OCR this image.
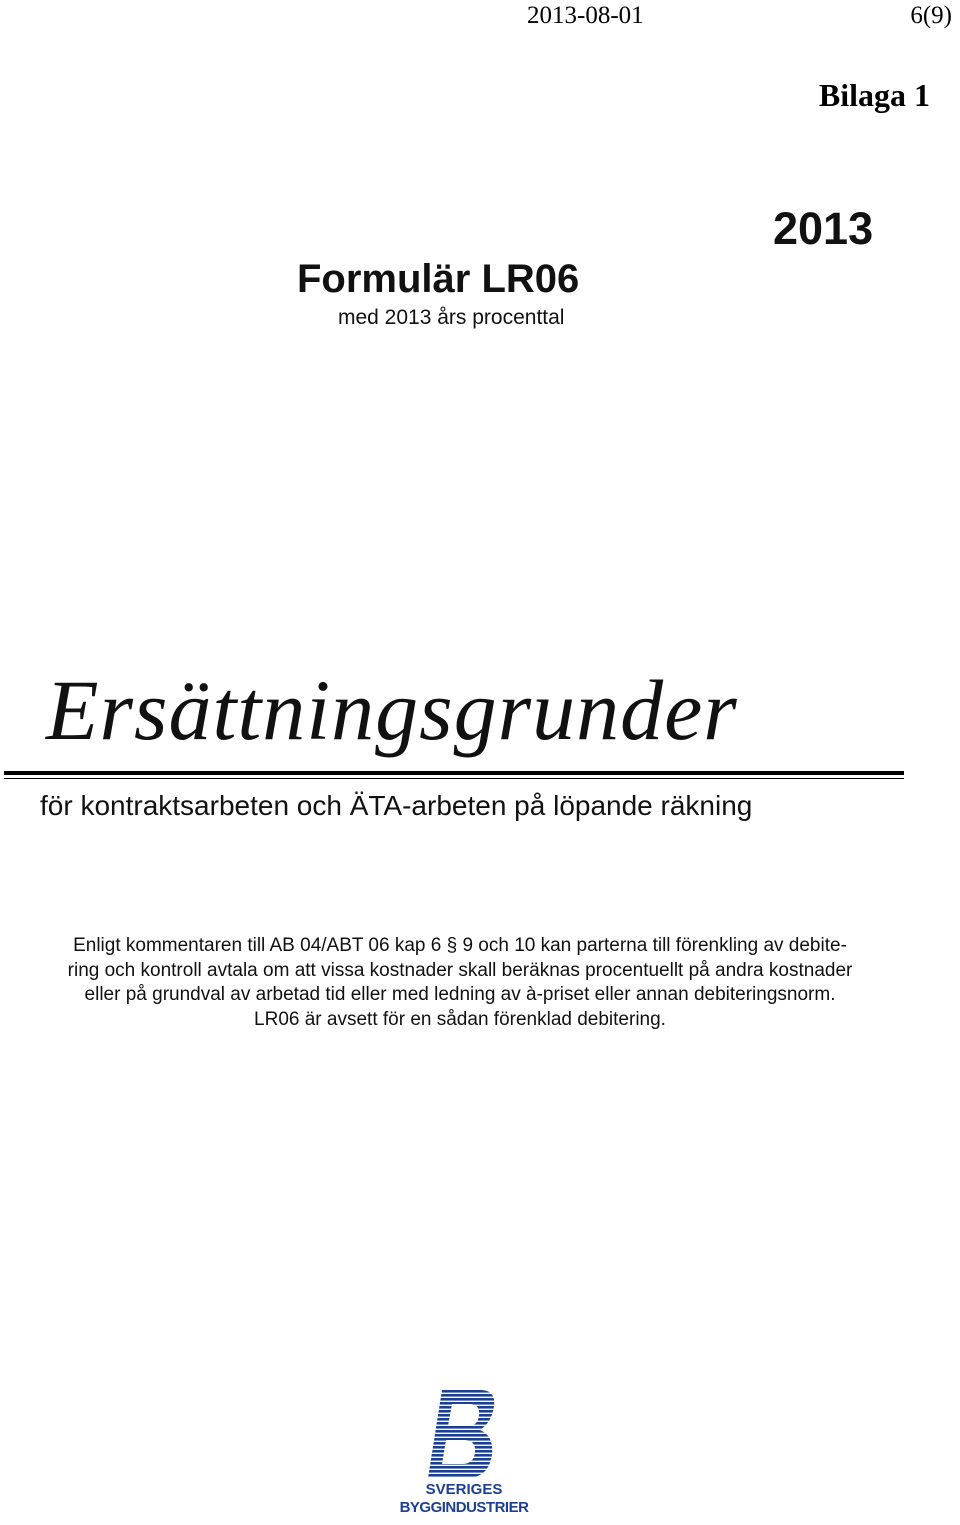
2013-08-01	6(9)
Bilaga 1
2013
Formulär LR06
med 2013 års procenttal
Ersättningsgrunder
för kontraktsarbeten och ÄTA-arbeten på löpande räkning
Enligt kommentaren till AB 04/ABT 06 kap 6 § 9 och 10 kan parterna till förenkling av debite-
ring och kontroll avtala om att vissa kostnader skall beräknas procentuellt på andra kostnader
eller på grundval av arbetad tid eller med ledning av à-priset eller annan debiteringsnorm.
LR06 är avsett för en sådan förenklad debitering.
SVERIGES
BYGGINDUSTRIER
